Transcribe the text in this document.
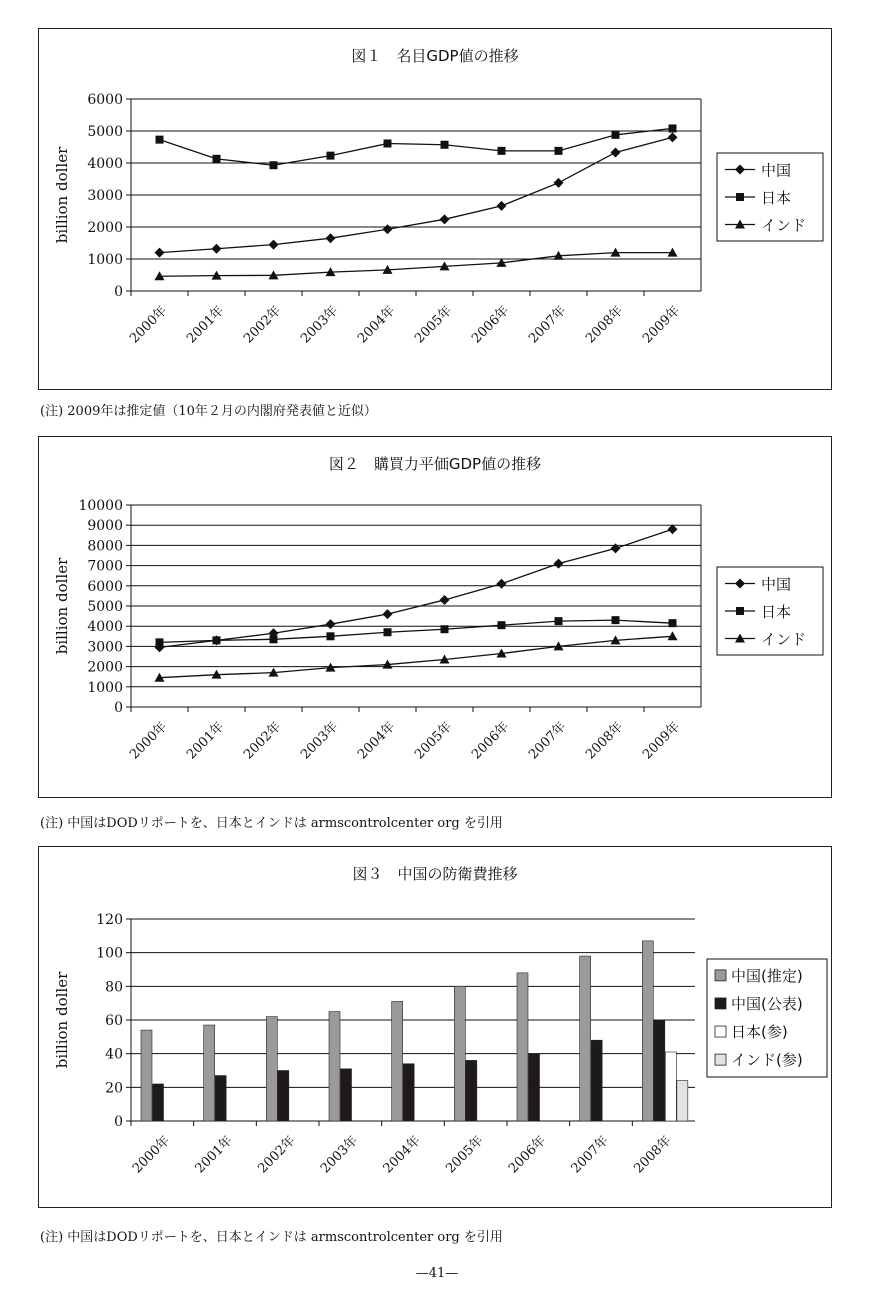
図１　名目GDP値の推移
billion doller
0
1000
2000
3000
4000
5000
6000
2000年 2001年 2002年 2003年 2004年 2005年 2006年 2007年 2008年 2009年
中国
日本
インド
(注) 2009年は推定値（10年２月の内閣府発表値と近似）
図２　購買力平価GDP値の推移
billion doller
0
1000
2000
3000
4000
5000
6000
7000
8000
9000
10000
2000年 2001年 2002年 2003年 2004年 2005年 2006年 2007年 2008年 2009年
中国
日本
インド
(注) 中国はDODリポートを、日本とインドは armscontrolcenter org を引用
図３　中国の防衛費推移
billion doller
0
20
40
60
80
100
120
2000年 2001年 2002年 2003年 2004年 2005年 2006年 2007年 2008年
中国(推定)
中国(公表)
日本(参)
インド(参)
(注) 中国はDODリポートを、日本とインドは armscontrolcenter org を引用
—41—
